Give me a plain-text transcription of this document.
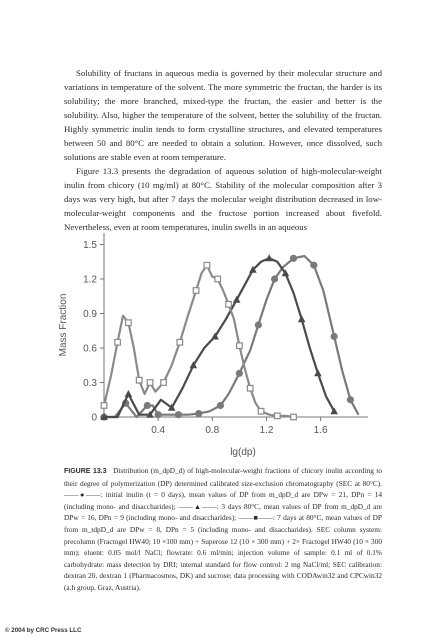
Solubility of fructans in aqueous media is governed by their molecular structure and variations in temperature of the solvent. The more symmetric the fructan, the harder is its solubility; the more branched, mixed-type the fructan, the easier and better is the solubility. Also, higher the temperature of the solvent, better the solubility of the fructan. Highly symmetric inulin tends to form crystalline structures, and elevated temperatures between 50 and 80°C are needed to obtain a solution. However, once dissolved, such solutions are stable even at room temperature.

Figure 13.3 presents the degradation of aqueous solution of high-molecular-weight inulin from chicory (10 mg/ml) at 80°C. Stability of the molecular composition after 3 days was very high, but after 7 days the molecular weight distribution decreased in low-molecular-weight components and the fructose portion increased about fivefold. Nevertheless, even at room temperatures, inulin swells in an aqueous

0.4	0.8	1.2	1.6
0
0.3
0.6
0.9
1.2
1.5
Mass Fraction
lg(dp)
FIGURE 13.3 Distribution (m_dpD_d) of high-molecular-weight fractions of chicory inulin according to their degree of polymerization (DP) determined calibrated size-exclusion chromatography (SEC at 80°C). ——●——: initial inulin (t = 0 days), mean values of DP from m_dpD_d are DPw = 21, DPn = 14 (including mono- and disaccharides); ——▲——: 3 days 80°C, mean values of DP from m_dpD_d are DPw = 16, DPn = 9 (including mono- and disaccharides); ——■——: 7 days at 80°C, mean values of DP from m_tdpD_d are DPw = 8, DPn = 5 (including mono- and disaccharides). SEC column system: precolumn (Fractogel HW40; 10 ×100 mm) + Superose 12 (10 × 300 mm) + 2× Fractogel HW40 (10 × 300 mm); eluent: 0.05 mol/l NaCl; flowrate: 0.6 ml/min; injection volume of sample: 0.1 ml of 0.1% carbohydrate: mass detection by DRI; internal standard for flow control: 2 mg NaCl/ml; SEC calibration: dextran 20, dextran 1 (Pharmacosmos, DK) and sucrose; data processing with CODAwin32 and CPCwin32 (a.h group, Graz, Austria).
© 2004 by CRC Press LLC
